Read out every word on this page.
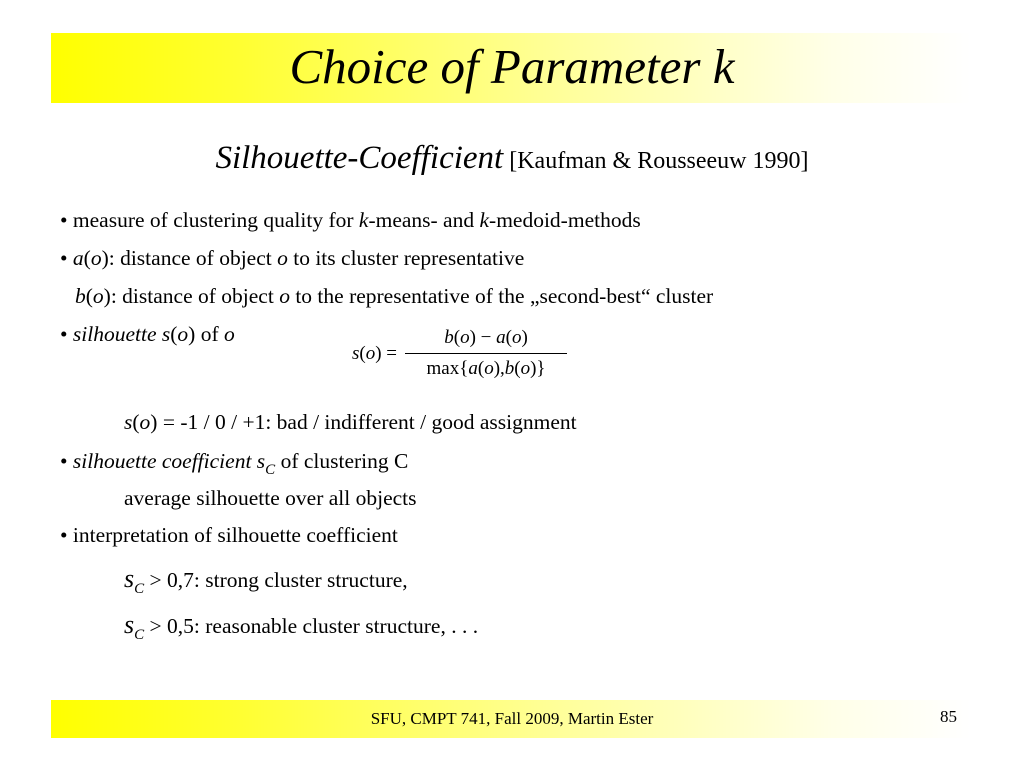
Choice of Parameter k
Silhouette-Coefficient [Kaufman & Rousseeuw 1990]
• measure of clustering quality for k-means- and k-medoid-methods
• a(o): distance of object o to its cluster representative
b(o): distance of object o to the representative of the „second-best“ cluster
• silhouette s(o) of o
$s(o) = \frac{b(o) - a(o)}{\max\{a(o),b(o)\}}$
s(o) = -1 / 0 / +1: bad / indifferent / good assignment
• silhouette coefficient $s_C$ of clustering C
average silhouette over all objects
• interpretation of silhouette coefficient
$s_C > 0,7$: strong cluster structure,
$s_C > 0,5$: reasonable cluster structure, . . .
SFU, CMPT 741, Fall 2009, Martin Ester	85
